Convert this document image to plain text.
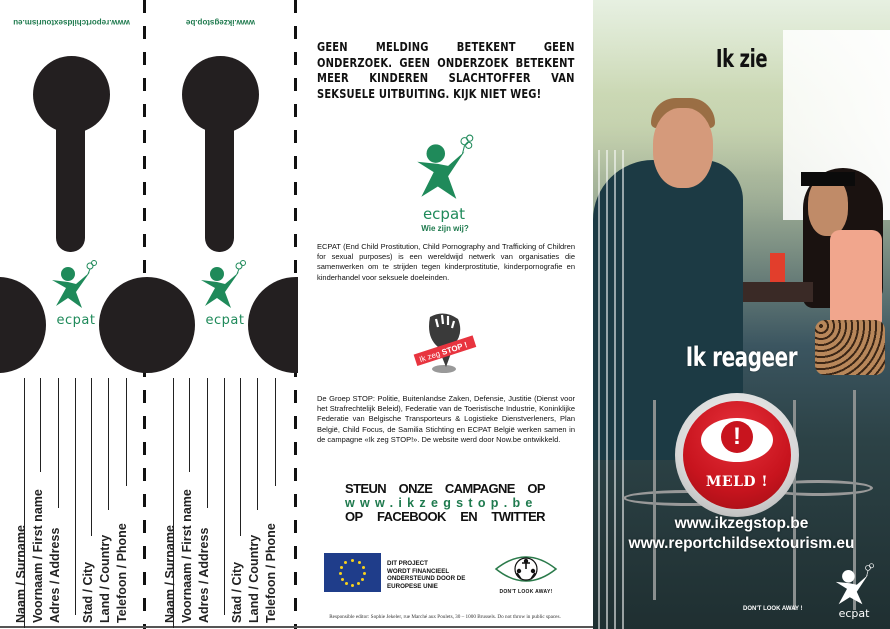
www.reportchildsextourism.eu	www.ikzegstop.be
ecpat	ecpat
Naam / Surname Voornaam / First name Adres / Address Stad / City Land / Country Telefoon / Phone	Naam / Surname Voornaam / First name Adres / Address Stad / City Land / Country Telefoon / Phone
GEEN MELDING BETEKENT GEEN ONDERZOEK. GEEN ONDERZOEK BETEKENT MEER KINDEREN SLACHTOFFER VAN SEKSUELE UITBUITING. KIJK NIET WEG!
ecpat
Wie zijn wij?
ECPAT (End Child Prostitution, Child Pornography and Trafficking of Children for sexual purposes) is een wereldwijd netwerk van organisaties die samenwerken om te strijden tegen kinderprostitutie, kinderpornografie en kinderhandel voor seksuele doeleinden.
Ik zeg STOP !
De Groep STOP: Politie, Buitenlandse Zaken, Defensie, Justitie (Dienst voor het Strafrechtelijk Beleid), Federatie van de Toeristische Industrie, Koninklijke Federatie van Belgische Transporteurs & Logistieke Dienstverleners, Plan België, Child Focus, de Samilia Stichting en ECPAT België werken samen in de campagne «Ik zeg STOP!». De website werd door Now.be ontwikkeld.
STEUN ONZE CAMPAGNE OP
www.ikzegstop.be
OP FACEBOOK EN TWITTER
DIT PROJECT
WORDT FINANCIEEL
ONDERSTEUND DOOR DE
EUROPESE UNIE
DON'T LOOK AWAY!
Responsible editor: Sophie Jekeler, rue Marché aux Poulets, 30 – 1000 Brussels. Do not throw in public spaces.
Ik zie
Ik reageer
!
MELD !
www.ikzegstop.be
www.reportchildsextourism.eu
DON'T LOOK AWAY !	ecpat
